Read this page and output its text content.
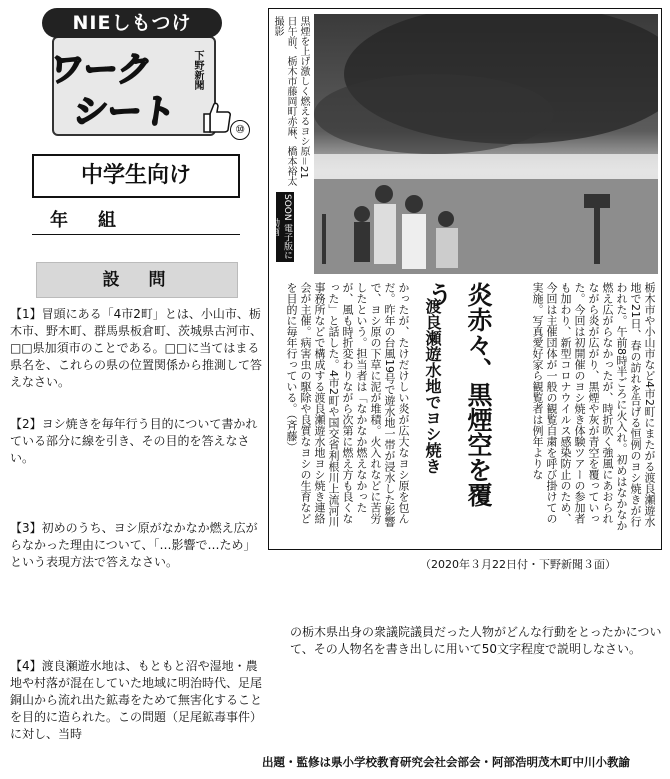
NIEしもつけ
ワーク
シート
下野新聞
⑩
中学生向け
年 組
設　問
【1】冒頭にある「4市2町」とは、小山市、栃木市、野木町、群馬県板倉町、茨城県古河市、□□県加須市のことである。□□に当てはまる県名を、これらの県の位置関係から推測して答えなさい。
【2】ヨシ焼きを毎年行う目的について書かれている部分に線を引き、その目的を答えなさい。
【3】初めのうち、ヨシ原がなかなか燃え広がらなかった理由について、「…影響で…ため」という表現方法で答えなさい。
【4】渡良瀬遊水地は、もともと沼や湿地・農地や村落が混在していた地域に明治時代、足尾銅山から流れ出た鉱毒をためて無害化することを目的に造られた。この問題（足尾鉱毒事件）に対し、当時
の栃木県出身の衆議院議員だった人物がどんな行動をとったかについて、その人物名を書き出しに用いて50文字程度で説明しなさい。
黒煙を上げ激しく燃えるヨシ原＝21日午前、栃木市藤岡町赤麻、橋本裕太撮影
SOON 電子版に動画
炎赤々、黒煙空を覆う
渡良瀬遊水地でヨシ焼き	栃木市や小山市など4市2町にまたがる渡良瀬遊水地で21日、春の訪れを告げる恒例のヨシ焼きが行われた。午前8時半ごろに火入れ。初めはなかなか燃え広がらなかったが、時折吹く強風にあおられながら炎が広がり、黒煙や灰が青空を覆っていった。今回は初開催のヨシ焼き体験ツアーの参加者も加わり、新型コロナウイルス感染防止のため、今回は主催団体が一般の観覧自粛を呼び掛けての実施。写真愛好家ら観覧者は例年よりな
かったが、たけだけしい炎が広大なヨシ原を包んだ。昨年の台風19号で遊水地一帯が浸水した影響で、ヨシ原の下草に泥が堆積。火入れなどに苦労したという。担当者は「なかなか燃えなかったが、風も時折変わりながら次第に燃え方も良くなった」と話した。4市2町や国交省利根川上流河川事務所などで構成する渡良瀬遊水地ヨシ焼き連絡会が主催。病害虫の駆除や良質なヨシの生育などを目的に毎年行っている。（斉藤）
（2020年３月22日付・下野新聞３面）
出題・監修は県小学校教育研究会社会部会・阿部浩明茂木町中川小教諭
